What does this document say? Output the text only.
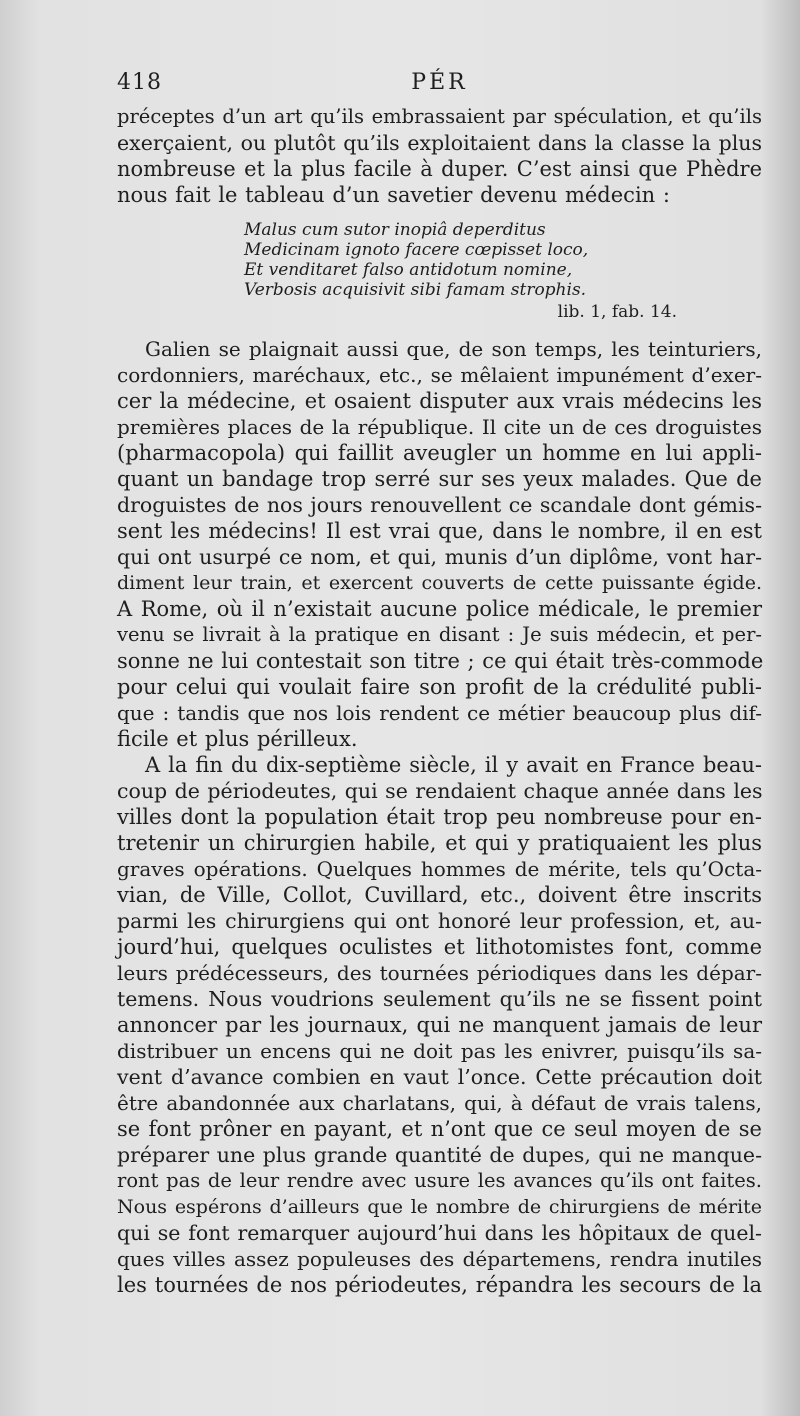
418	PÉR
préceptes d’un art qu’ils embrassaient par spéculation, et qu’ils
exerçaient, ou plutôt qu’ils exploitaient dans la classe la plus
nombreuse et la plus facile à duper. C’est ainsi que Phèdre
nous fait le tableau d’un savetier devenu médecin :
Malus cum sutor inopiâ deperditus
Medicinam ignoto facere cœpisset loco,
Et venditaret falso antidotum nomine,
Verbosis acquisivit sibi famam strophis.
lib. 1, fab. 14.
Galien se plaignait aussi que, de son temps, les teinturiers,
cordonniers, maréchaux, etc., se mêlaient impunément d’exer-
cer la médecine, et osaient disputer aux vrais médecins les
premières places de la république. Il cite un de ces droguistes
(pharmacopola) qui faillit aveugler un homme en lui appli-
quant un bandage trop serré sur ses yeux malades. Que de
droguistes de nos jours renouvellent ce scandale dont gémis-
sent les médecins! Il est vrai que, dans le nombre, il en est
qui ont usurpé ce nom, et qui, munis d’un diplôme, vont har-
diment leur train, et exercent couverts de cette puissante égide.
A Rome, où il n’existait aucune police médicale, le premier
venu se livrait à la pratique en disant : Je suis médecin, et per-
sonne ne lui contestait son titre ; ce qui était très-commode
pour celui qui voulait faire son profit de la crédulité publi-
que : tandis que nos lois rendent ce métier beaucoup plus dif-
ficile et plus périlleux.
A la fin du dix-septième siècle, il y avait en France beau-
coup de périodeutes, qui se rendaient chaque année dans les
villes dont la population était trop peu nombreuse pour en-
tretenir un chirurgien habile, et qui y pratiquaient les plus
graves opérations. Quelques hommes de mérite, tels qu’Octa-
vian, de Ville, Collot, Cuvillard, etc., doivent être inscrits
parmi les chirurgiens qui ont honoré leur profession, et, au-
jourd’hui, quelques oculistes et lithotomistes font, comme
leurs prédécesseurs, des tournées périodiques dans les dépar-
temens. Nous voudrions seulement qu’ils ne se fissent point
annoncer par les journaux, qui ne manquent jamais de leur
distribuer un encens qui ne doit pas les enivrer, puisqu’ils sa-
vent d’avance combien en vaut l’once. Cette précaution doit
être abandonnée aux charlatans, qui, à défaut de vrais talens,
se font prôner en payant, et n’ont que ce seul moyen de se
préparer une plus grande quantité de dupes, qui ne manque-
ront pas de leur rendre avec usure les avances qu’ils ont faites.
Nous espérons d’ailleurs que le nombre de chirurgiens de mérite
qui se font remarquer aujourd’hui dans les hôpitaux de quel-
ques villes assez populeuses des départemens, rendra inutiles
les tournées de nos périodeutes, répandra les secours de la
